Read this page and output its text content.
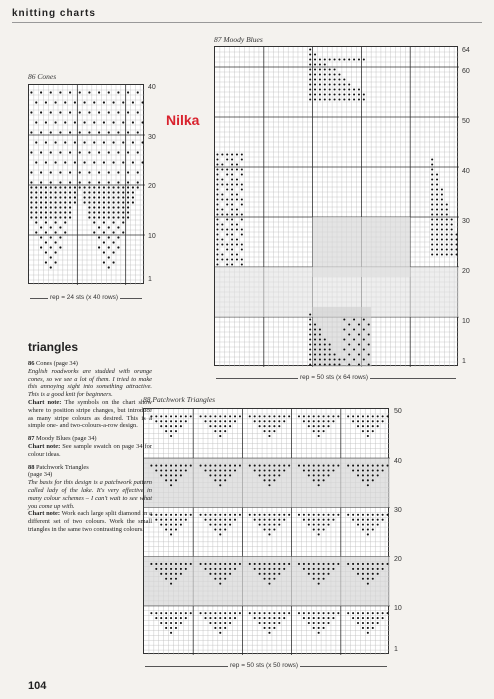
knitting charts
86 Cones
40
30
20
10
1
rep = 24 sts (x 40 rows)
Nilka
87 Moody Blues
64
60
50
40
30
20
10
1
rep = 50 sts (x 64 rows)
88 Patchwork Triangles
50
40
30
20
10
1
rep = 50 sts (x 50 rows)
triangles

86 Cones (page 34)
English roadworks are studded with orange cones, so we see a lot of them. I tried to make this annoying sight into something attractive. This is a good knit for beginners.
Chart note: The symbols on the chart show where to position stripe changes, but introduce as many stripe colours as desired. This is a simple one- and two-colours-a-row design.

87 Moody Blues (page 34)
Chart note: See sample swatch on page 34 for colour ideas.

88 Patchwork Triangles
(page 34)
The basis for this design is a patchwork pattern called lady of the lake. It's very effective in many colour schemes – I can't wait to see what you come up with.
Chart note: Work each large split diamond in a different set of two colours. Work the small triangles in the same two contrasting colours.

104
